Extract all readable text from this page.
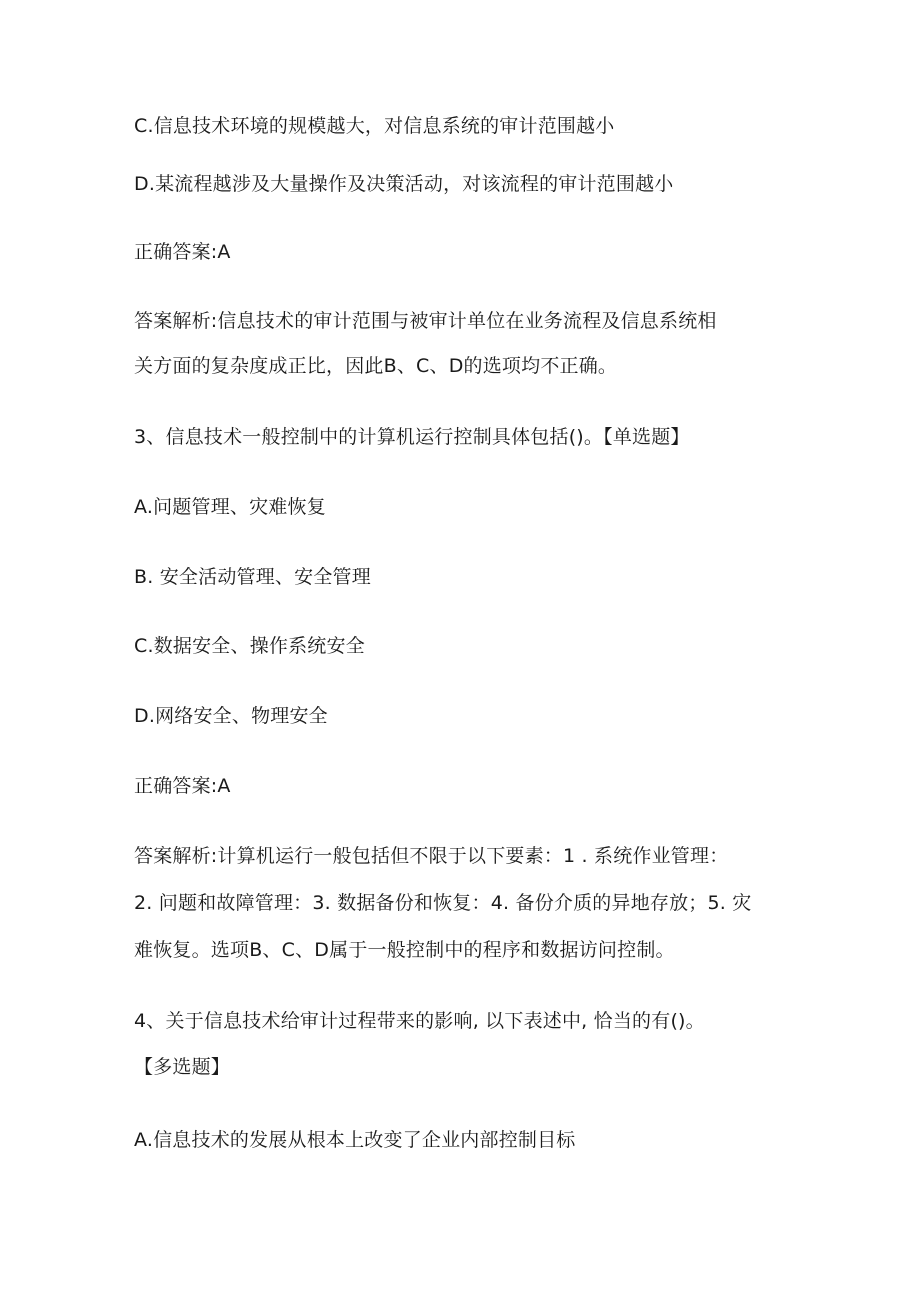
C.信息技术环境的规模越大，对信息系统的审计范围越小
D.某流程越涉及大量操作及决策活动，对该流程的审计范围越小
正确答案:A
答案解析:信息技术的审计范围与被审计单位在业务流程及信息系统相
关方面的复杂度成正比，因此B、C、D的选项均不正确。
3、信息技术一般控制中的计算机运行控制具体包括()。【单选题】
A.问题管理、灾难恢复
B. 安全活动管理、安全管理
C.数据安全、操作系统安全
D.网络安全、物理安全
正确答案:A
答案解析:计算机运行一般包括但不限于以下要素：1 . 系统作业管理：
2. 问题和故障管理：3. 数据备份和恢复：4. 备份介质的异地存放；5. 灾
难恢复。选项B、C、D属于一般控制中的程序和数据访问控制。
4、关于信息技术给审计过程带来的影响, 以下表述中, 恰当的有()。
【多选题】
A.信息技术的发展从根本上改变了企业内部控制目标
